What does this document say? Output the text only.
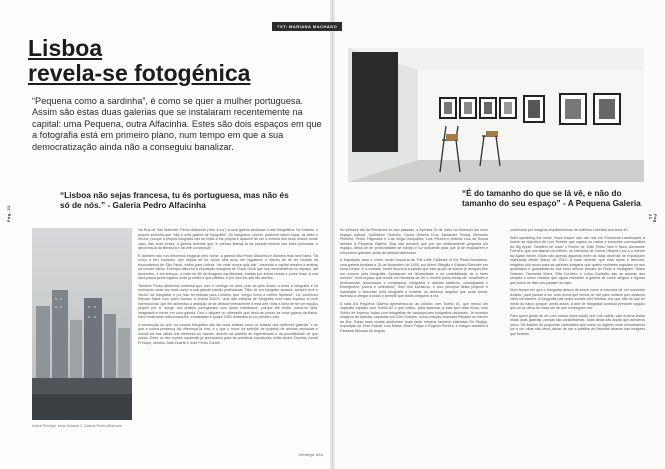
TXT: MARIANA MACHADO
Lisboa
revela-se fotogénica
“Pequena como a sardinha”, é como se quer a mulher portuguesa. Assim são estas duas galerias que se instalaram recentemente na capital: uma Pequena, outra Alfacinha. Estes são dois espaços em que a fotografia está em primeiro plano, num tempo em que a sua democratização ainda não a conseguiu banalizar.
“Lisboa não sejas francesa, tu és portuguesa, mas não és só de nós.” - Galeria Pedro Alfacinha
“É do tamanho do que se lá vê, e não do tamanho do seu espaço” - A Pequena Galeria
Pág. 22	Pág. 23
André Príncipe, série Ántame 2. Galeria Pedro Alfacinha

Na Rua de São Mamede, Pedro Alfacinha (“deu á luz”) a uma galeria dedicada à arte fotográfica. No entanto, o próprio sublinha que “não é uma galeria de fotografia”. Os fotógrafos, porém, parecem saber todos: as artes e ofícios, porque a própria fotografia não se limita a ela própria e aparece de ser a mesma dos seus ofícios; neste caso, das suas lentes, a galeria defende que “é preciso libertar-la da pesada história das artes pictóricas, e aproxima-la da literatura e da arte conceptual”.

E também não nos deixemos enganar pelo nome, a galeria dita Pedro Alfacinha é lisboeta mas nem tanto. Tal como o seu fundador, que depois de ter vivido seis anos em Inglaterra, e depois de se ter rendido as tropicalismos de São Paulo, voltou para Lisboa, “de onde nunca quis sair”, trazendo a capital retratos e artistas do mundo inteiro. Exemplo disso foi a exposição inaugural de Guido Guidi que nos reencaminhou no espaço, até dezembro, e em tempos, a mais de 80 de imagens equilibradas, tiradas por linhas rectas e cores finas. A sua obra passa pelos lugares onde já estive e que habitou, e por isso lhe são tão afectos.

Também Pedro Alfacinha confessa que com o Umbigo na obra, pois ao pelo andou a onda a fotografia e foi revelando cada vez mais como a sua grande paixão profissional. Filho de um fotógrafo amador, sempre teve o “bicho” da fotografia, e por isso foi estudar para Londres, que “surgiu como a melhor hipótese”. Lá, conheceu Michael Mack com quem fundou a revista MACK, uma das editoras de fotografia com mais impacto a nível internacional, que lhe alimentou a ambição de se dedicar inteiramente a esta arte. Mas a ideia de ter um espaço próprio por si “surgiu dos artistas portugueses com quem trabalhava”, porque até então, notou-se falta. Imaginado e frente em uma galeria. Deo o dispare no obterador que abriu as portas da nova galeria da Baixa. Nem mostrando colecionadores, entusiastas e quase 1500 visitantes só no primeiro mês.

A construção do que “os nossos fotógrafos são tão bons artistas como os artistas dos melhores galerias” e de que a nossa presença faz diferença lá fora, é o que o move na seleção de projetos de artistas nacionais e colocá-los nas vistas dos melhores do mundo, através da partilha de experiências e da possibilidade de que possa. Entre os dez nomes nacionais já anunciados para as primeiras exposições estão André Cepeda, André Príncipe, António João Duarte e José Pedro Cortes.

No primeiro dia da Primavera do ano passado, a Avenida 24 de Julho viu florescer um novo espaço cultural. Guilherme Godinho, Carlos Oliveira Cruz, Alexandre Pomar, Bernardo Pinheiro, Pedro Fagundes e Luís Veiga Gonçalves, Luís Pereira e António Luís de Sousa abriram A Pequena Galeria. Mas não pensem que por ser relativamente pequena em espaço, deixa de ter profundidade de campo e luz suficiente para que lá se enquadrem e encontrem grandes obras de artistas talentosos.

A inspiração para o nome, foram buscá-la às The Little Galleries of the Photo-Secession, uma galeria fundada a 24 de Novembro de 1905, por Alfred Stieglitz e Edward Steichen em Nova Iorque. E a vontade, foram buscá-la à paixão que este grupo de sócios (e amigos) têm em comum pela fotografia. Apostaram na “diversidade e na possibilidade de a fazer crescer”, sem espaço que revele mil maneiras de ver o mundo (seus teirlas de” amadores e profissionais, associados e comildados, fotógrafos e artistas plásticos, consagrados e emergentes, jovens e veteranos”. Sem fins lucrativos, o foco principal desta projecto é maximizar o interesse pela fotografia e mostrar os diversos ângulos que pode tomar, fazendo-a chegar a todos e permitir que todos cheguem a ela.

A sala d'A Pequena Galeria apresentou-se ao público com Sobilo #1, que reuniu um capsulas capitais com Sobilo #2 e que voltou, para aparecer a luas sem dias fricos, com Sobilo de Inverno: todas com fotografias de variados/ores fotógrafos nacionais. Já recebeu imagens da Islândia, captadas por Cibo Guedes, numa coleção chamada Reparar no interior da ilha. Estas boas vindas acolheram mais tarde retratos também intimistas De Mojisjo, exposição de José Cabral, Luís Baeta, Moira Forjaz e Rogério Pereira, e chegou também a Fantasia Africana de Angola,

construída por imagens arquitectónicas de edifícios coloniais dos anos 40.

Start spreading the news, Nova Iorque veio até nós em Emotional Landscapes à boleia da objectiva de Luís Pereira que captou os rostos e emoções cosmopolitas da Big Apple. Também se ouviu o Rumor de João Pedro Vale e Nuno Alexandre Ferreira, que nos falaram do infinito, os interiores de Carlos Oliveira Cruz e o interior da Agata Xavier. Estas são apenas algumas entre as duas dezenas de exposições realizadas desde Março de 2015. A mais recente, que está ainda a decorrer, resgatou dos arcos para as paredes imagens que quatro mulheres registam no seu quotidiano e guardaram-as nos seus álbuns virtuais do Flickr e Instagram: Diane Gazeau, Fernanda Vieira, Rita Cordeiro e Luísa Cortesão são as autoras dos simples e belos retratos que agora revestem a galeria de cores alegres e figuras que todos os dias nos passam ao lado.

Num tempo em que a fotografia deixou de servir como a memória de um momento isolado, para passar a ser uma prova que temos de dar para mostrar que estamos vivos na internet. A fotografia nas redes sociais vem lembrar-nos que não há que ter medo do futuro porque, ainda assim, a arte de fotografar continua presente naquilo que só os olhos de cada um de nós conseguem ver.

Para quem gosta de ver com outros olhos aquilo que nos rodeia, vale a pena visitar estas duas galerias, porque são variadíssimas. Mais ainda são aquilo que achamos único. Os flashes de pequenas variedades que todos os lugares onde encontramos luz e um olhar não deve deixar de ser a partilha de histórias através das imagens que ficaram.

Umbigo #51
